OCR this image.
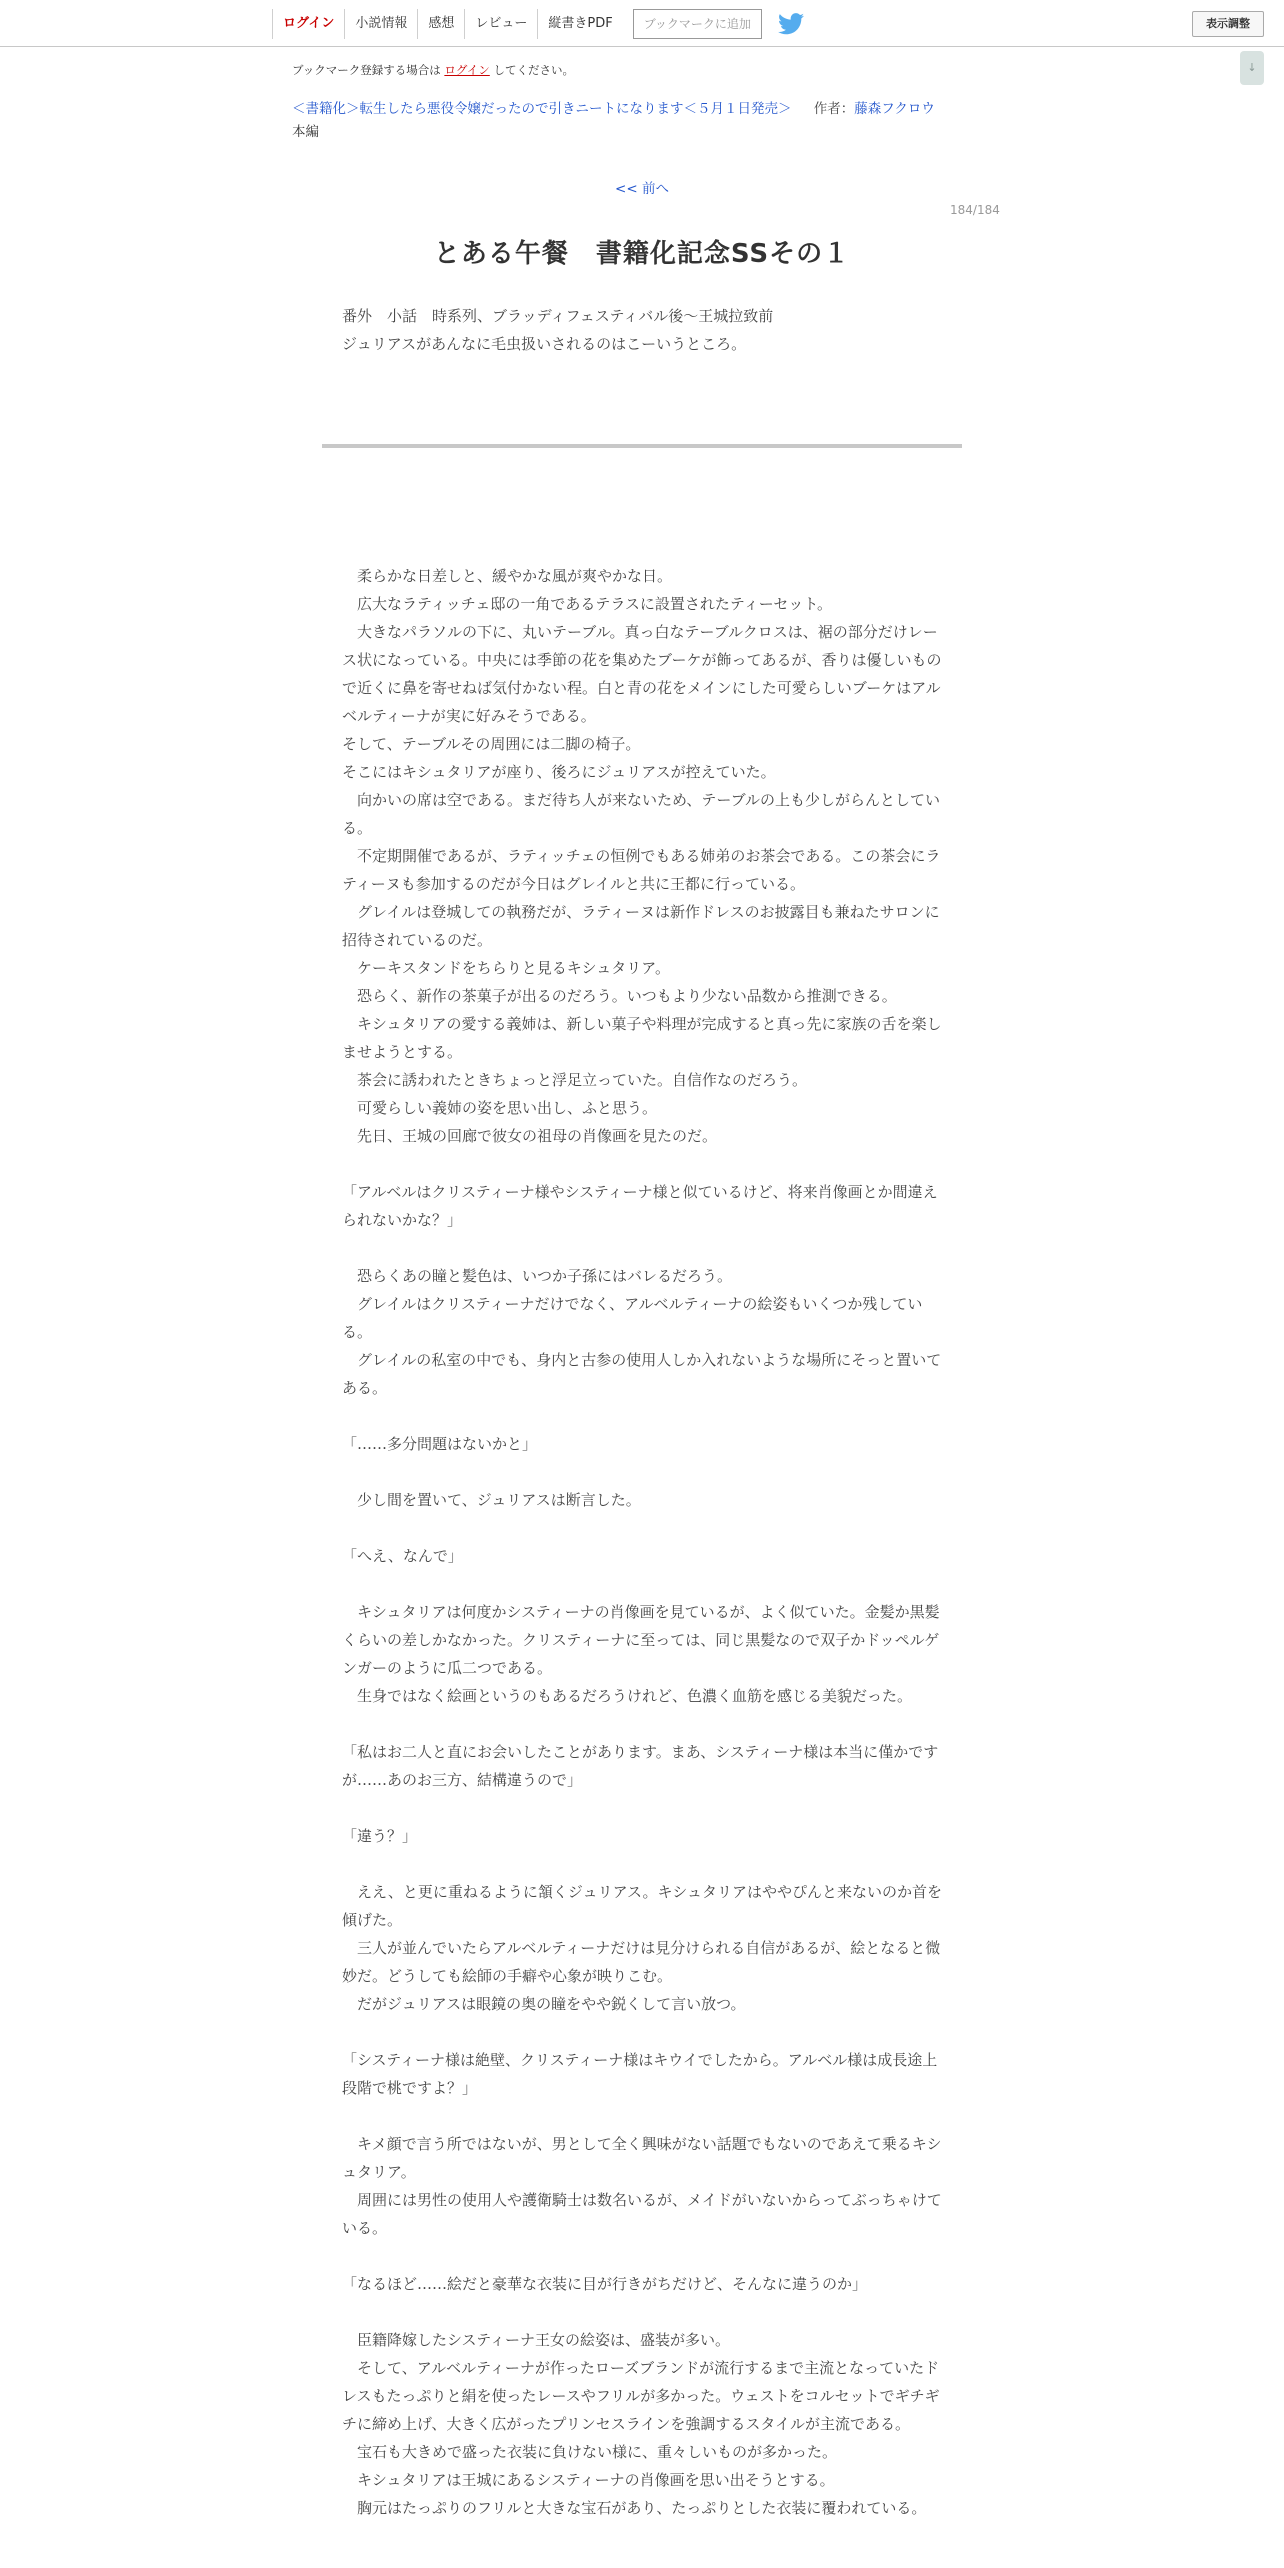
ログイン	小説情報	感想	レビュー	縦書きPDF	ブックマークに追加	表示調整
↓
ブックマーク登録する場合は ログイン してください。
＜書籍化＞転生したら悪役令嬢だったので引きニートになります＜５月１日発売＞ 作者：藤森フクロウ
本編
<< 前へ
184/184
とある午餐　書籍化記念SSその１

番外　小話　時系列、ブラッディフェスティバル後～王城拉致前

ジュリアスがあんなに毛虫扱いされるのはこーいうところ。

　柔らかな日差しと、緩やかな風が爽やかな日。

　広大なラティッチェ邸の一角であるテラスに設置されたティーセット。

　大きなパラソルの下に、丸いテーブル。真っ白なテーブルクロスは、裾の部分だけレース状になっている。中央には季節の花を集めたブーケが飾ってあるが、香りは優しいもので近くに鼻を寄せねば気付かない程。白と青の花をメインにした可愛らしいブーケはアルベルティーナが実に好みそうである。

そして、テーブルその周囲には二脚の椅子。

そこにはキシュタリアが座り、後ろにジュリアスが控えていた。

　向かいの席は空である。まだ待ち人が来ないため、テーブルの上も少しがらんとしている。

　不定期開催であるが、ラティッチェの恒例でもある姉弟のお茶会である。この茶会にラティーヌも参加するのだが今日はグレイルと共に王都に行っている。

　グレイルは登城しての執務だが、ラティーヌは新作ドレスのお披露目も兼ねたサロンに招待されているのだ。

　ケーキスタンドをちらりと見るキシュタリア。

　恐らく、新作の茶菓子が出るのだろう。いつもより少ない品数から推測できる。

　キシュタリアの愛する義姉は、新しい菓子や料理が完成すると真っ先に家族の舌を楽しませようとする。

　茶会に誘われたときちょっと浮足立っていた。自信作なのだろう。

　可愛らしい義姉の姿を思い出し、ふと思う。

　先日、王城の回廊で彼女の祖母の肖像画を見たのだ。

「アルベルはクリスティーナ様やシスティーナ様と似ているけど、将来肖像画とか間違えられないかな？」

　恐らくあの瞳と髪色は、いつか子孫にはバレるだろう。

　グレイルはクリスティーナだけでなく、アルベルティーナの絵姿もいくつか残している。

　グレイルの私室の中でも、身内と古参の使用人しか入れないような場所にそっと置いてある。

「……多分問題はないかと」

　少し間を置いて、ジュリアスは断言した。

「へえ、なんで」

　キシュタリアは何度かシスティーナの肖像画を見ているが、よく似ていた。金髪か黒髪くらいの差しかなかった。クリスティーナに至っては、同じ黒髪なので双子かドッペルゲンガーのように瓜二つである。

　生身ではなく絵画というのもあるだろうけれど、色濃く血筋を感じる美貌だった。

「私はお二人と直にお会いしたことがあります。まあ、システィーナ様は本当に僅かですが……あのお三方、結構違うので」

「違う？」

　ええ、と更に重ねるように頷くジュリアス。キシュタリアはややぴんと来ないのか首を傾げた。

　三人が並んでいたらアルベルティーナだけは見分けられる自信があるが、絵となると微妙だ。どうしても絵師の手癖や心象が映りこむ。

　だがジュリアスは眼鏡の奥の瞳をやや鋭くして言い放つ。

「システィーナ様は絶壁、クリスティーナ様はキウイでしたから。アルベル様は成長途上段階で桃ですよ？」

　キメ顔で言う所ではないが、男として全く興味がない話題でもないのであえて乗るキシュタリア。

　周囲には男性の使用人や護衛騎士は数名いるが、メイドがいないからってぶっちゃけている。

「なるほど……絵だと豪華な衣装に目が行きがちだけど、そんなに違うのか」

　臣籍降嫁したシスティーナ王女の絵姿は、盛装が多い。

　そして、アルベルティーナが作ったローズブランドが流行するまで主流となっていたドレスもたっぷりと絹を使ったレースやフリルが多かった。ウェストをコルセットでギチギチに締め上げ、大きく広がったプリンセスラインを強調するスタイルが主流である。

　宝石も大きめで盛った衣装に負けない様に、重々しいものが多かった。

　キシュタリアは王城にあるシスティーナの肖像画を思い出そうとする。

　胸元はたっぷりのフリルと大きな宝石があり、たっぷりとした衣装に覆われている。
